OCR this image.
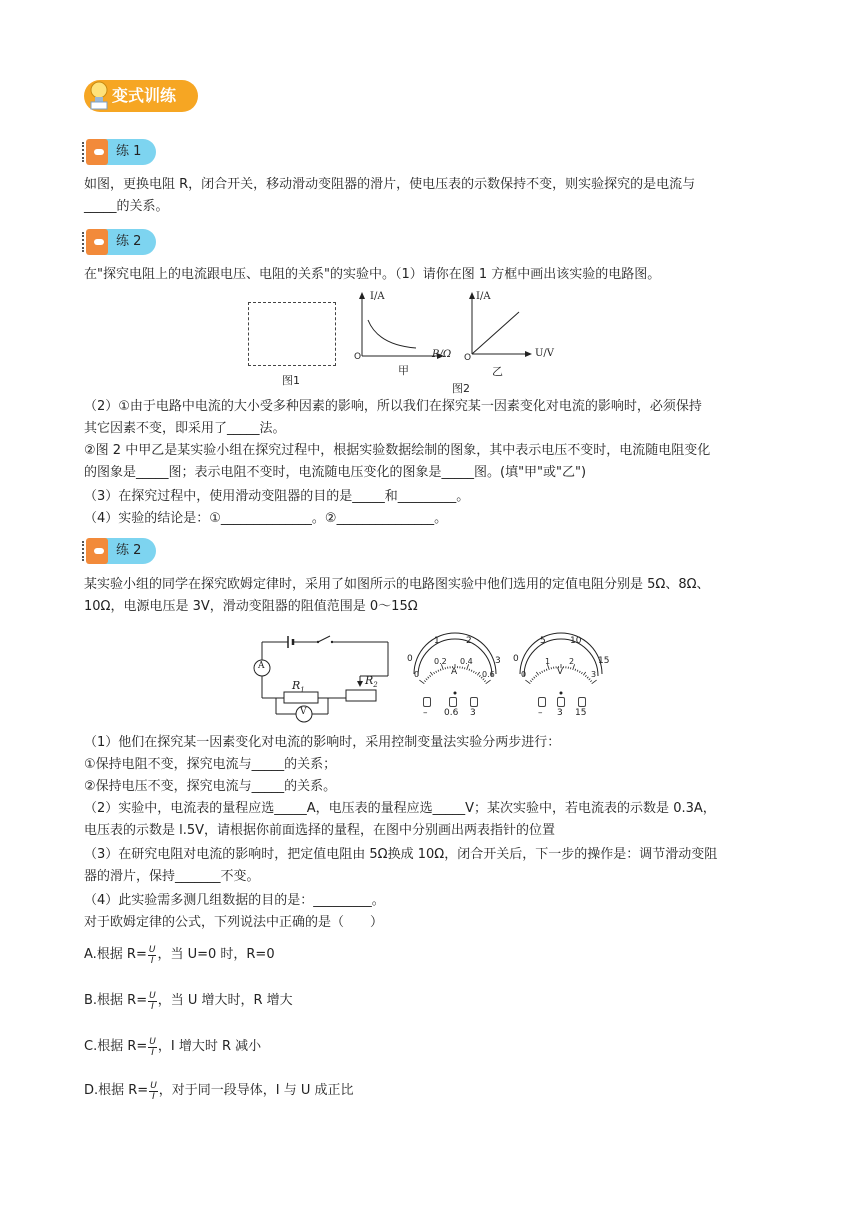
变式训练
练 1
如图，更换电阻 R，闭合开关，移动滑动变阻器的滑片，使电压表的示数保持不变，则实验探究的是电流与
_____的关系。
练 2
在"探究电阻上的电流跟电压、电阻的关系"的实验中。（1）请你在图 1 方框中画出该实验的电路图。
图1
I/A
R/Ω
O
甲
I/A
U/V
O
乙
图2
（2）①由于电路中电流的大小受多种因素的影响，所以我们在探究某一因素变化对电流的影响时，必须保持
其它因素不变，即采用了_____法。
②图 2 中甲乙是某实验小组在探究过程中，根据实验数据绘制的图象，其中表示电压不变时，电流随电阻变化
的图象是_____图；表示电阻不变时，电流随电压变化的图象是_____图。(填"甲"或"乙")
（3）在探究过程中，使用滑动变阻器的目的是_____和_________。
（4）实验的结论是：①______________。②_______________。
练 2
某实验小组的同学在探究欧姆定律时，采用了如图所示的电路图实验中他们选用的定值电阻分别是 5Ω、8Ω、
10Ω，电源电压是 3V，滑动变阻器的阻值范围是 0～15Ω
A
V
$R_1$
$R_2$
0
1	2
3
0
0.2 0.4
0.6
A
– 0.6 3
0
5	10
15
0
1 2
3
V
– 3 15
（1）他们在探究某一因素变化对电流的影响时，采用控制变量法实验分两步进行：
①保持电阻不变，探究电流与_____的关系；
②保持电压不变，探究电流与_____的关系。
（2）实验中，电流表的量程应选_____A，电压表的量程应选_____V；某次实验中，若电流表的示数是 0.3A，
电压表的示数是 l.5V，请根据你前面选择的量程，在图中分别画出两表指针的位置
（3）在研究电阻对电流的影响时，把定值电阻由 5Ω换成 10Ω，闭合开关后，下一步的操作是：调节滑动变阻
器的滑片，保持_______不变。
（4）此实验需多测几组数据的目的是：_________。
对于欧姆定律的公式，下列说法中正确的是（　　）
A.根据 $R= \frac{U}{I}$ ，当 U=0 时，R=0
B.根据 $R= \frac{U}{I}$ ，当 U 增大时，R 增大
C.根据 $R= \frac{U}{I}$ ，I 增大时 R 减小
D.根据 $R= \frac{U}{I}$ ，对于同一段导体，I 与 U 成正比
